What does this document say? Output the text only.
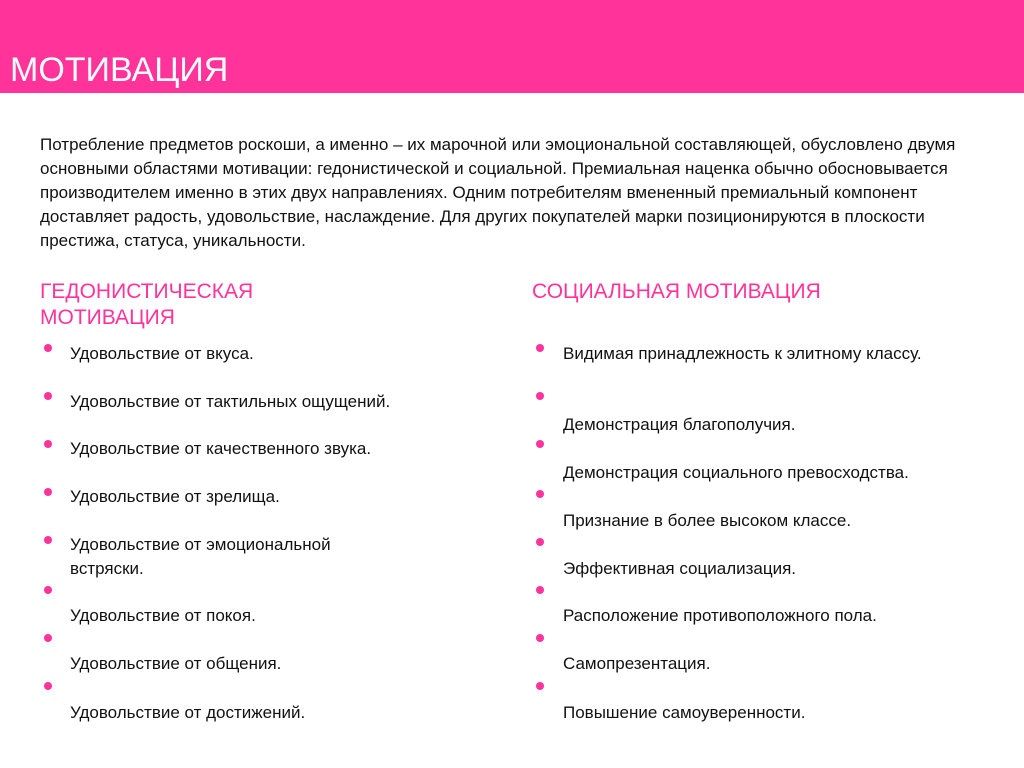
МОТИВАЦИЯ

Потребление предметов роскоши, а именно – их марочной или эмоциональной составляющей, обусловлено двумя основными областями мотивации: гедонистической и социальной. Премиальная наценка обычно обосновывается производителем именно в этих двух направлениях. Одним потребителям вмененный премиальный компонент доставляет радость, удовольствие, наслаждение. Для других покупателей марки позиционируются в плоскости престижа, статуса, уникальности.

ГЕДОНИСТИЧЕСКАЯ МОТИВАЦИЯ
СОЦИАЛЬНАЯ МОТИВАЦИЯ
Удовольствие от вкуса.
Удовольствие от тактильных ощущений.
Удовольствие от качественного звука.
Удовольствие от зрелища.
Удовольствие от эмоциональной встряски.
Удовольствие от покоя.
Удовольствие от общения.
Удовольствие от достижений.
Видимая принадлежность к элитному классу.
Демонстрация благополучия.
Демонстрация социального превосходства.
Признание в более высоком классе.
Эффективная социализация.
Расположение противоположного пола.
Самопрезентация.
Повышение самоуверенности.
